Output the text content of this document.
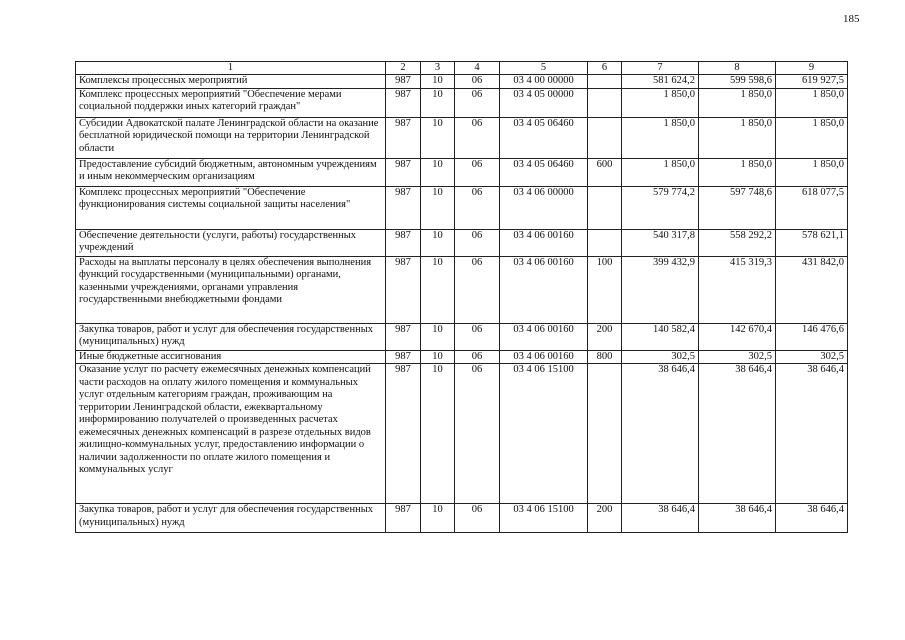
185
1	2	3	4	5	6	7	8	9
Комплексы процессных мероприятий	987	10	06	03 4 00 00000		581 624,2	599 598,6	619 927,5
Комплекс процессных мероприятий "Обеспечение мерами социальной поддержки иных категорий граждан"	987	10	06	03 4 05 00000		1 850,0	1 850,0	1 850,0
Субсидии Адвокатской палате Ленинградской области на оказание бесплатной юридической помощи на территории Ленинградской области	987	10	06	03 4 05 06460		1 850,0	1 850,0	1 850,0
Предоставление субсидий бюджетным, автономным учреждениям и иным некоммерческим организациям	987	10	06	03 4 05 06460	600	1 850,0	1 850,0	1 850,0
Комплекс процессных мероприятий "Обеспечение функционирования системы социальной защиты населения"	987	10	06	03 4 06 00000		579 774,2	597 748,6	618 077,5
Обеспечение деятельности (услуги, работы) государственных учреждений	987	10	06	03 4 06 00160		540 317,8	558 292,2	578 621,1
Расходы на выплаты персоналу в целях обеспечения выполнения функций государственными (муниципальными) органами, казенными учреждениями, органами управления государственными внебюджетными фондами	987	10	06	03 4 06 00160	100	399 432,9	415 319,3	431 842,0
Закупка товаров, работ и услуг для обеспечения государственных (муниципальных) нужд	987	10	06	03 4 06 00160	200	140 582,4	142 670,4	146 476,6
Иные бюджетные ассигнования	987	10	06	03 4 06 00160	800	302,5	302,5	302,5
Оказание услуг по расчету ежемесячных денежных компенсаций части расходов на оплату жилого помещения и коммунальных услуг отдельным категориям граждан, проживающим на территории Ленинградской области, ежеквартальному информированию получателей о произведенных расчетах ежемесячных денежных компенсаций в разрезе отдельных видов жилищно-коммунальных услуг, предоставлению информации о наличии задолженности по оплате жилого помещения и коммунальных услуг	987	10	06	03 4 06 15100		38 646,4	38 646,4	38 646,4
Закупка товаров, работ и услуг для обеспечения государственных (муниципальных) нужд	987	10	06	03 4 06 15100	200	38 646,4	38 646,4	38 646,4
